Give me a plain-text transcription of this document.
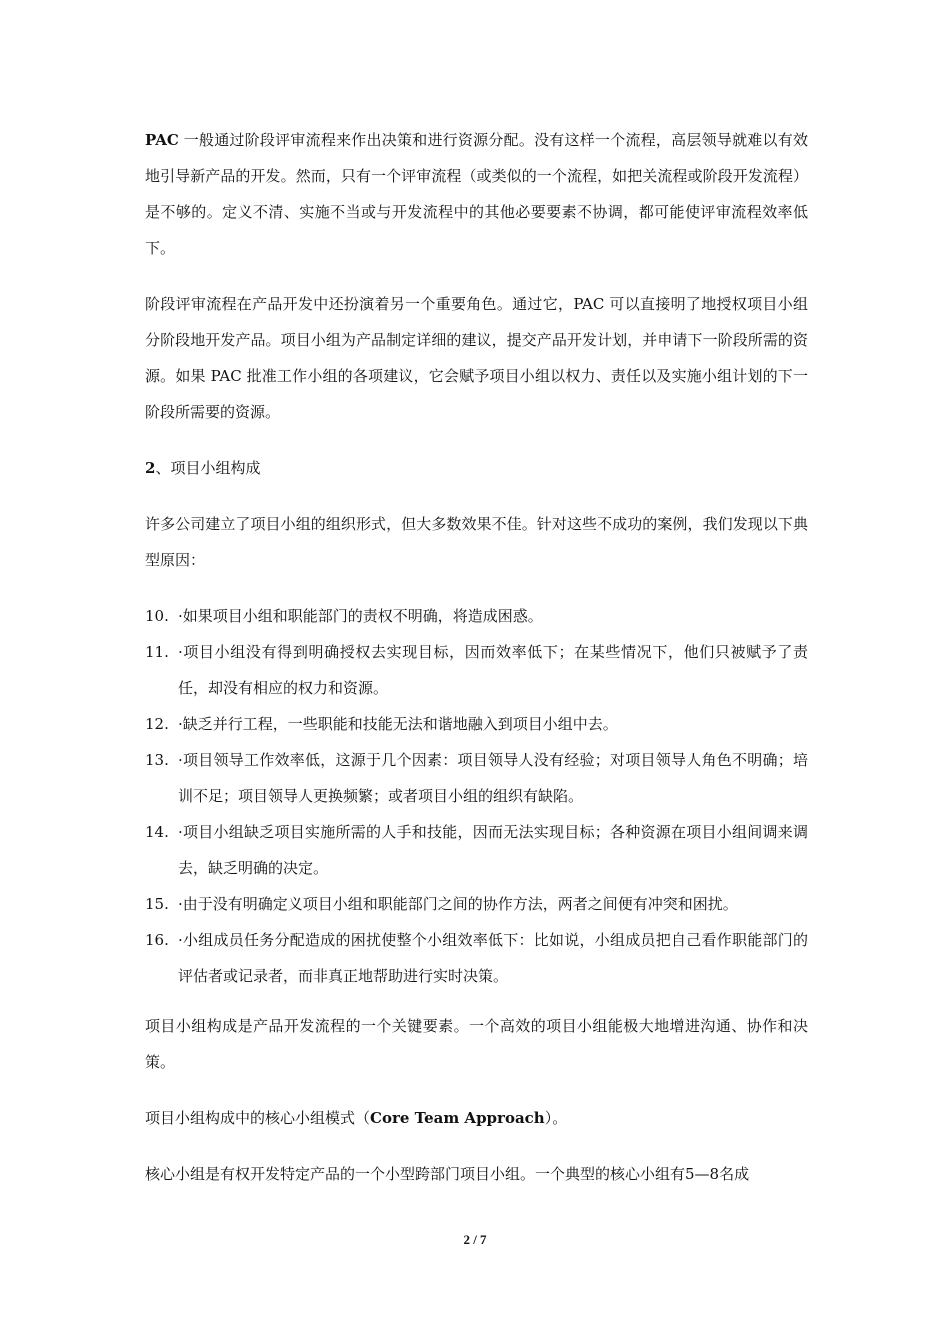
PAC 一般通过阶段评审流程来作出决策和进行资源分配。没有这样一个流程，高层领导就难以有效地引导新产品的开发。然而，只有一个评审流程（或类似的一个流程，如把关流程或阶段开发流程）是不够的。定义不清、实施不当或与开发流程中的其他必要要素不协调，都可能使评审流程效率低下。

阶段评审流程在产品开发中还扮演着另一个重要角色。通过它，PAC 可以直接明了地授权项目小组分阶段地开发产品。项目小组为产品制定详细的建议，提交产品开发计划，并申请下一阶段所需的资源。如果 PAC 批准工作小组的各项建议，它会赋予项目小组以权力、责任以及实施小组计划的下一阶段所需要的资源。

2、项目小组构成

许多公司建立了项目小组的组织形式，但大多数效果不佳。针对这些不成功的案例，我们发现以下典型原因：

10. ·如果项目小组和职能部门的责权不明确，将造成困惑。
11. ·项目小组没有得到明确授权去实现目标，因而效率低下；在某些情况下，他们只被赋予了责任，却没有相应的权力和资源。
12. ·缺乏并行工程，一些职能和技能无法和谐地融入到项目小组中去。
13. ·项目领导工作效率低，这源于几个因素：项目领导人没有经验；对项目领导人角色不明确；培训不足；项目领导人更换频繁；或者项目小组的组织有缺陷。
14. ·项目小组缺乏项目实施所需的人手和技能，因而无法实现目标；各种资源在项目小组间调来调去，缺乏明确的决定。
15. ·由于没有明确定义项目小组和职能部门之间的协作方法，两者之间便有冲突和困扰。
16. ·小组成员任务分配造成的困扰使整个小组效率低下：比如说，小组成员把自己看作职能部门的评估者或记录者，而非真正地帮助进行实时决策。

项目小组构成是产品开发流程的一个关键要素。一个高效的项目小组能极大地增进沟通、协作和决策。

项目小组构成中的核心小组模式（Core Team Approach）。

核心小组是有权开发特定产品的一个小型跨部门项目小组。一个典型的核心小组有5—8名成

2 / 7
